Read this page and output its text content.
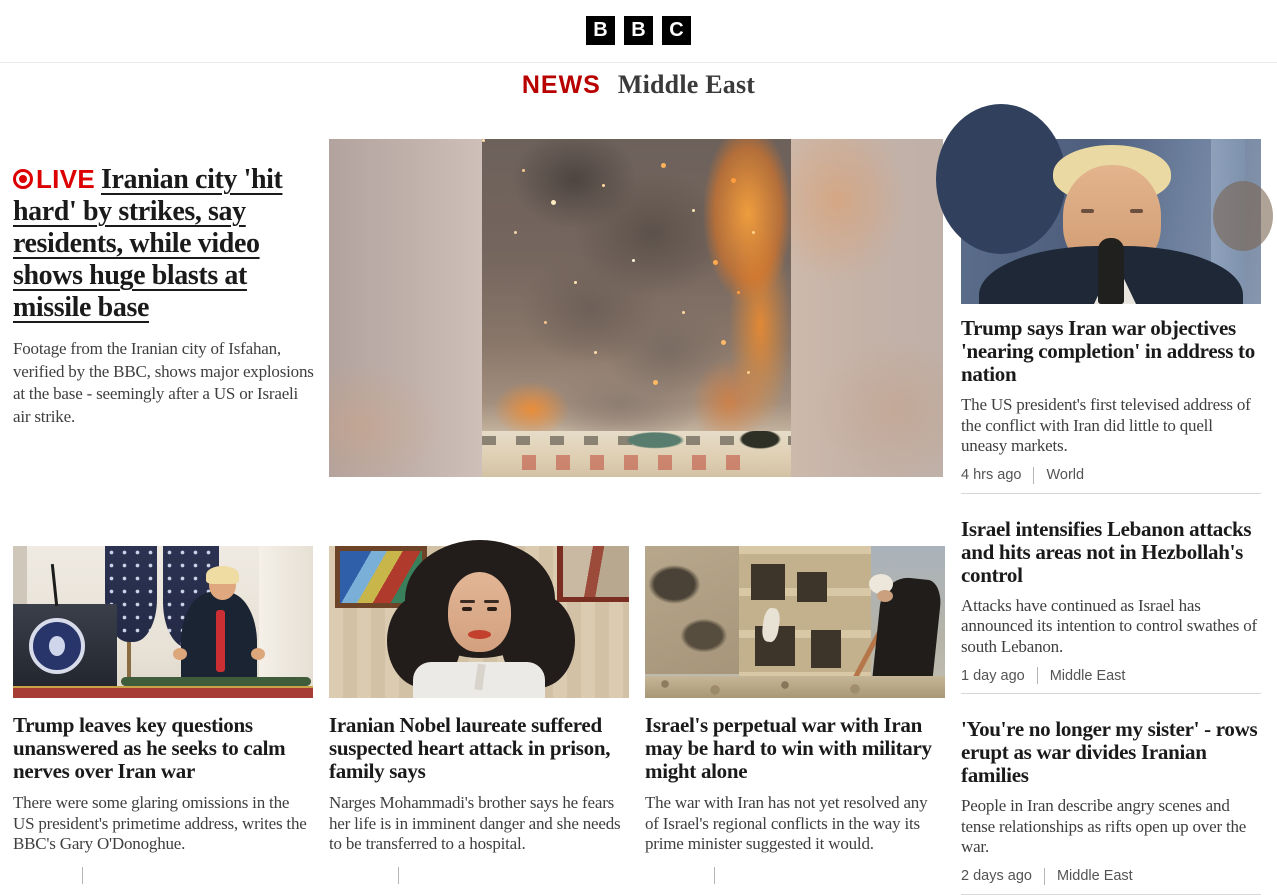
B	B	C
NEWS Middle East
LIVE Iranian city 'hit hard' by strikes, say residents, while video shows huge blasts at missile base
Footage from the Iranian city of Isfahan, verified by the BBC, shows major explosions at the base - seemingly after a US or Israeli air strike.
Trump says Iran war objectives 'nearing completion' in address to nation
The US president's first televised address of the conflict with Iran did little to quell uneasy markets.
4 hrs ago World
Israel intensifies Lebanon attacks and hits areas not in Hezbollah's control
Attacks have continued as Israel has announced its intention to control swathes of south Lebanon.
1 day ago Middle East
'You're no longer my sister' - rows erupt as war divides Iranian families
People in Iran describe angry scenes and tense relationships as rifts open up over the war.
2 days ago Middle East
Trump leaves key questions unanswered as he seeks to calm nerves over Iran war
There were some glaring omissions in the US president's primetime address, writes the BBC's Gary O'Donoghue.
Iranian Nobel laureate suffered suspected heart attack in prison, family says
Narges Mohammadi's brother says he fears her life is in imminent danger and she needs to be transferred to a hospital.
Israel's perpetual war with Iran may be hard to win with military might alone
The war with Iran has not yet resolved any of Israel's regional conflicts in the way its prime minister suggested it would.
